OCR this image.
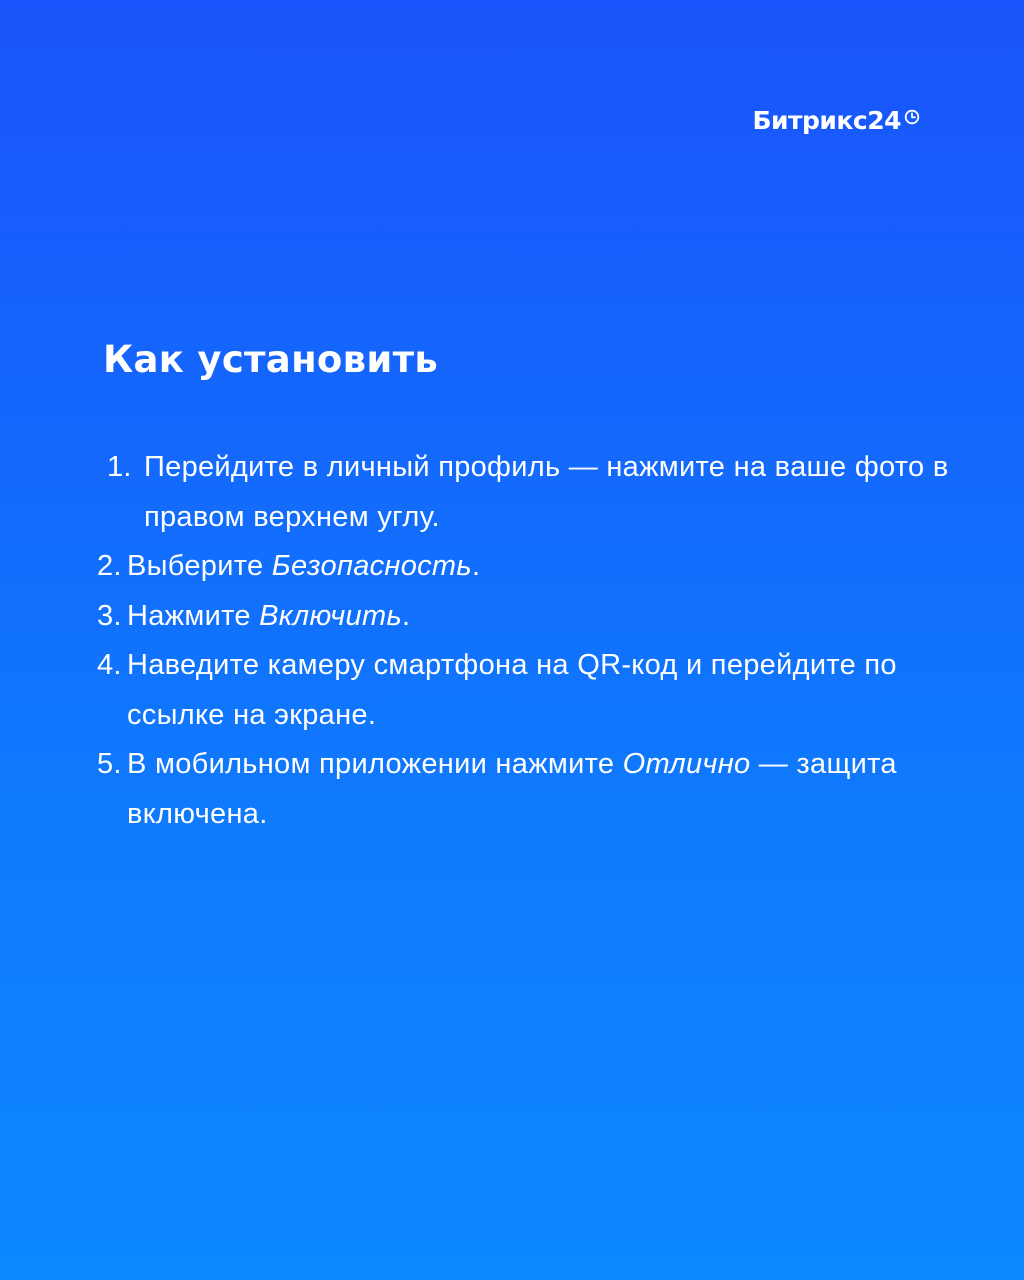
Битрикс24
Как установить
1. Перейдите в личный профиль — нажмите на ваше фото в правом верхнем углу.
2. Выберите Безопасность.
3. Нажмите Включить.
4. Наведите камеру смартфона на QR-код и перейдите по ссылке на экране.
5. В мобильном приложении нажмите Отлично — защита включена.
